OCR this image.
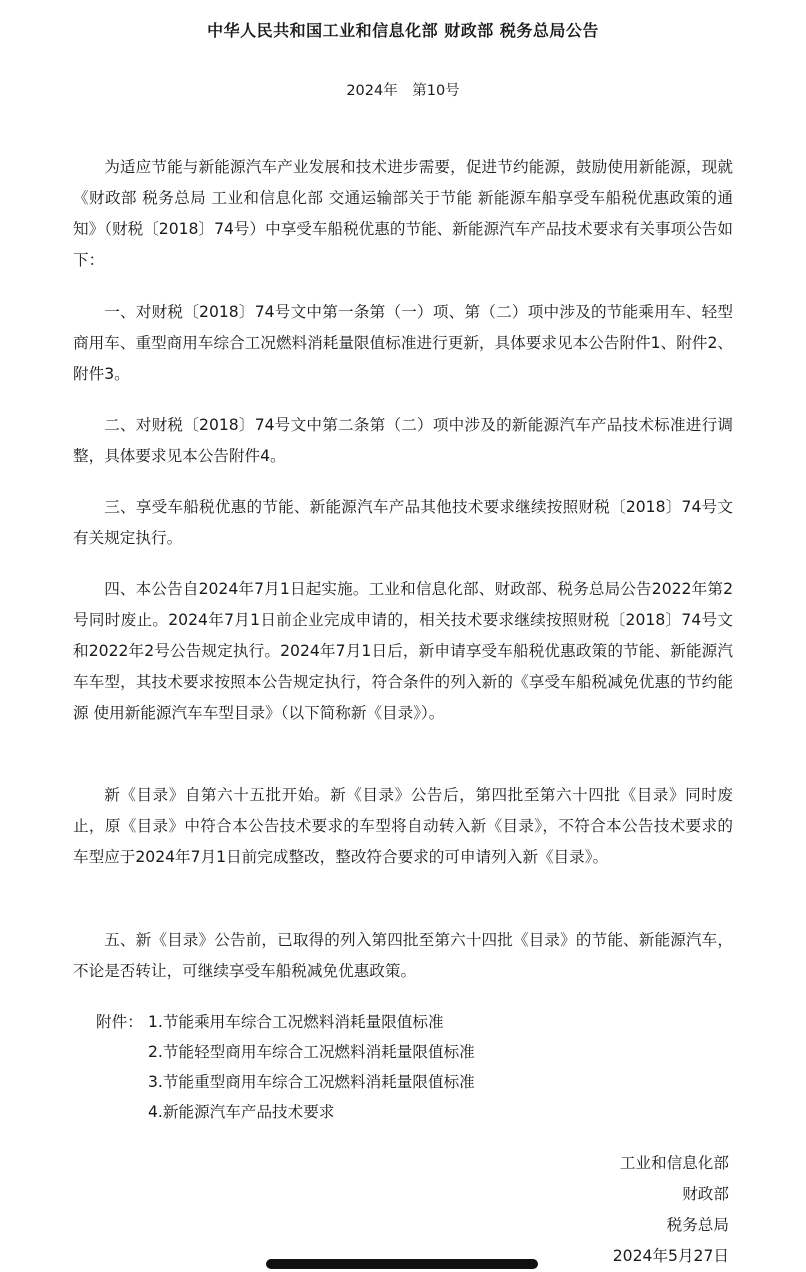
中华人民共和国工业和信息化部 财政部 税务总局公告
2024年　第10号

为适应节能与新能源汽车产业发展和技术进步需要，促进节约能源，鼓励使用新能源，现就《财政部 税务总局 工业和信息化部 交通运输部关于节能 新能源车船享受车船税优惠政策的通知》（财税〔2018〕74号）中享受车船税优惠的节能、新能源汽车产品技术要求有关事项公告如下：

一、对财税〔2018〕74号文中第一条第（一）项、第（二）项中涉及的节能乘用车、轻型商用车、重型商用车综合工况燃料消耗量限值标准进行更新，具体要求见本公告附件1、附件2、附件3。

二、对财税〔2018〕74号文中第二条第（二）项中涉及的新能源汽车产品技术标准进行调整，具体要求见本公告附件4。

三、享受车船税优惠的节能、新能源汽车产品其他技术要求继续按照财税〔2018〕74号文有关规定执行。

四、本公告自2024年7月1日起实施。工业和信息化部、财政部、税务总局公告2022年第2号同时废止。2024年7月1日前企业完成申请的，相关技术要求继续按照财税〔2018〕74号文和2022年2号公告规定执行。2024年7月1日后，新申请享受车船税优惠政策的节能、新能源汽车车型，其技术要求按照本公告规定执行，符合条件的列入新的《享受车船税减免优惠的节约能源 使用新能源汽车车型目录》（以下简称新《目录》）。

新《目录》自第六十五批开始。新《目录》公告后，第四批至第六十四批《目录》同时废止，原《目录》中符合本公告技术要求的车型将自动转入新《目录》，不符合本公告技术要求的车型应于2024年7月1日前完成整改，整改符合要求的可申请列入新《目录》。

五、新《目录》公告前，已取得的列入第四批至第六十四批《目录》的节能、新能源汽车，不论是否转让，可继续享受车船税减免优惠政策。

附件： 1.节能乘用车综合工况燃料消耗量限值标准
2.节能轻型商用车综合工况燃料消耗量限值标准
3.节能重型商用车综合工况燃料消耗量限值标准
4.新能源汽车产品技术要求
工业和信息化部
财政部
税务总局
2024年5月27日
